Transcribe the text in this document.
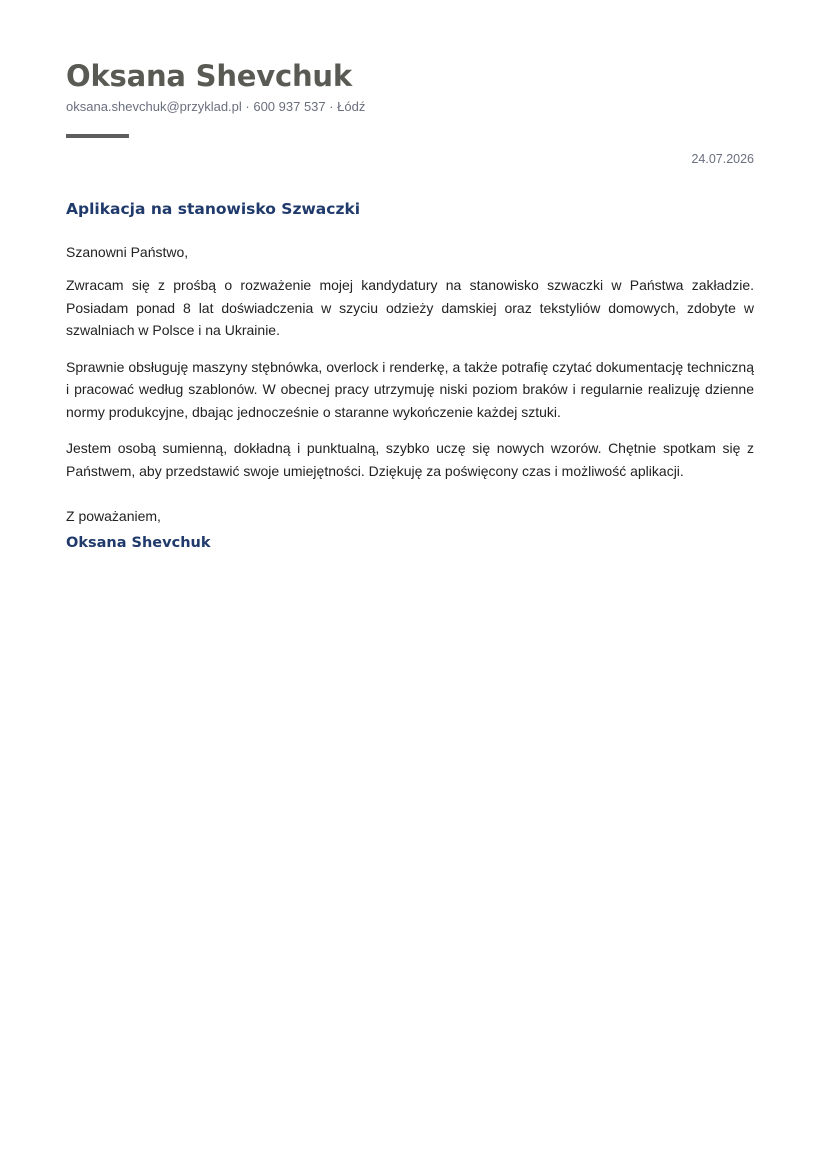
Oksana Shevchuk
oksana.shevchuk@przyklad.pl · 600 937 537 · Łódź
24.07.2026
Aplikacja na stanowisko Szwaczki
Szanowni Państwo,

Zwracam się z prośbą o rozważenie mojej kandydatury na stanowisko szwaczki w Państwa zakładzie. Posiadam ponad 8 lat doświadczenia w szyciu odzieży damskiej oraz tekstyliów domowych, zdobyte w szwalniach w Polsce i na Ukrainie.

Sprawnie obsługuję maszyny stębnówka, overlock i renderkę, a także potrafię czytać dokumentację techniczną i pracować według szablonów. W obecnej pracy utrzymuję niski poziom braków i regularnie realizuję dzienne normy produkcyjne, dbając jednocześnie o staranne wykończenie każdej sztuki.

Jestem osobą sumienną, dokładną i punktualną, szybko uczę się nowych wzorów. Chętnie spotkam się z Państwem, aby przedstawić swoje umiejętności. Dziękuję za poświęcony czas i możliwość aplikacji.

Z poważaniem,
Oksana Shevchuk
